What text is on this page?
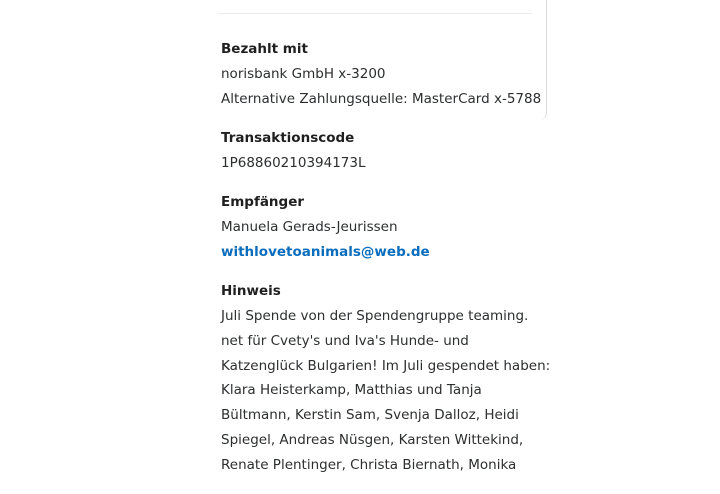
Bezahlt mit
norisbank GmbH x-3200
Alternative Zahlungsquelle: MasterCard x-5788
Transaktionscode
1P68860210394173L
Empfänger
Manuela Gerads-Jeurissen
withlovetoanimals@web.de
Hinweis
Juli Spende von der Spendengruppe teaming.
net für Cvety's und Iva's Hunde- und
Katzenglück Bulgarien! Im Juli gespendet haben:
Klara Heisterkamp, Matthias und Tanja
Bültmann, Kerstin Sam, Svenja Dalloz, Heidi
Spiegel, Andreas Nüsgen, Karsten Wittekind,
Renate Plentinger, Christa Biernath, Monika
